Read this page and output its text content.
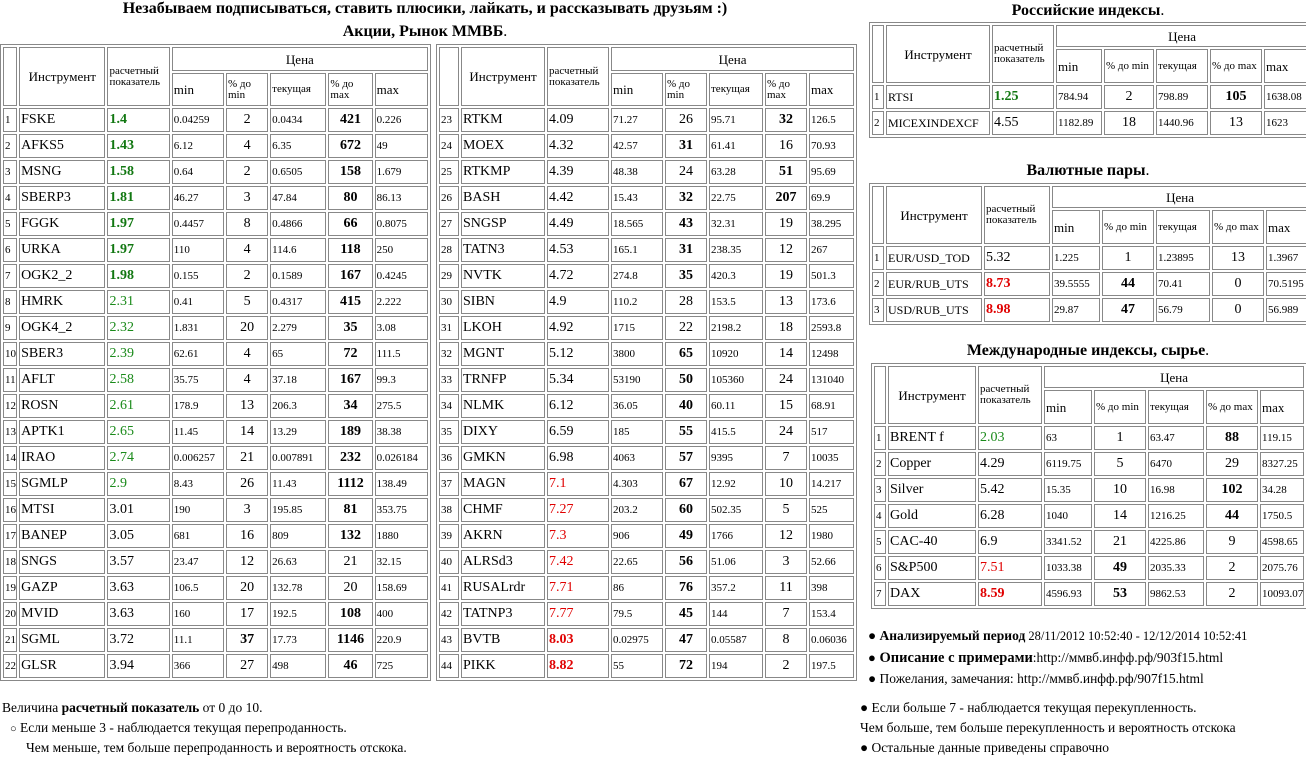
Незабываем подписываться, ставить плюсики, лайкать, и рассказывать друзьям :)
Акции, Рынок ММВБ.
	Инструмент	расчетный показатель	Цена				
			min	% до min	текущая	% до max	max
1	FSKE	1.4	0.04259	2	0.0434	421	0.226
2	AFKS5	1.43	6.12	4	6.35	672	49
3	MSNG	1.58	0.64	2	0.6505	158	1.679
4	SBERP3	1.81	46.27	3	47.84	80	86.13
5	FGGK	1.97	0.4457	8	0.4866	66	0.8075
6	URKA	1.97	110	4	114.6	118	250
7	OGK2_2	1.98	0.155	2	0.1589	167	0.4245
8	HMRK	2.31	0.41	5	0.4317	415	2.222
9	OGK4_2	2.32	1.831	20	2.279	35	3.08
10	SBER3	2.39	62.61	4	65	72	111.5
11	AFLT	2.58	35.75	4	37.18	167	99.3
12	ROSN	2.61	178.9	13	206.3	34	275.5
13	APTK1	2.65	11.45	14	13.29	189	38.38
14	IRAO	2.74	0.006257	21	0.007891	232	0.026184
15	SGMLP	2.9	8.43	26	11.43	1112	138.49
16	MTSI	3.01	190	3	195.85	81	353.75
17	BANEP	3.05	681	16	809	132	1880
18	SNGS	3.57	23.47	12	26.63	21	32.15
19	GAZP	3.63	106.5	20	132.78	20	158.69
20	MVID	3.63	160	17	192.5	108	400
21	SGML	3.72	11.1	37	17.73	1146	220.9
22	GLSR	3.94	366	27	498	46	725
	Инструмент	расчетный показатель	Цена				
			min	% до min	текущая	% до max	max
23	RTKM	4.09	71.27	26	95.71	32	126.5
24	MOEX	4.32	42.57	31	61.41	16	70.93
25	RTKMP	4.39	48.38	24	63.28	51	95.69
26	BASH	4.42	15.43	32	22.75	207	69.9
27	SNGSP	4.49	18.565	43	32.31	19	38.295
28	TATN3	4.53	165.1	31	238.35	12	267
29	NVTK	4.72	274.8	35	420.3	19	501.3
30	SIBN	4.9	110.2	28	153.5	13	173.6
31	LKOH	4.92	1715	22	2198.2	18	2593.8
32	MGNT	5.12	3800	65	10920	14	12498
33	TRNFP	5.34	53190	50	105360	24	131040
34	NLMK	6.12	36.05	40	60.11	15	68.91
35	DIXY	6.59	185	55	415.5	24	517
36	GMKN	6.98	4063	57	9395	7	10035
37	MAGN	7.1	4.303	67	12.92	10	14.217
38	CHMF	7.27	203.2	60	502.35	5	525
39	AKRN	7.3	906	49	1766	12	1980
40	ALRSd3	7.42	22.65	56	51.06	3	52.66
41	RUSALrdr	7.71	86	76	357.2	11	398
42	TATNP3	7.77	79.5	45	144	7	153.4
43	BVTB	8.03	0.02975	47	0.05587	8	0.06036
44	PIKK	8.82	55	72	194	2	197.5
Российские индексы.
	Инструмент	расчетный показатель	Цена				
			min	% до min	текущая	% до max	max
1	RTSI	1.25	784.94	2	798.89	105	1638.08
2	MICEXINDEXCF	4.55	1182.89	18	1440.96	13	1623
Валютные пары.
	Инструмент	расчетный показатель	Цена				
			min	% до min	текущая	% до max	max
1	EUR/USD_TOD	5.32	1.225	1	1.23895	13	1.3967
2	EUR/RUB_UTS	8.73	39.5555	44	70.41	0	70.5195
3	USD/RUB_UTS	8.98	29.87	47	56.79	0	56.989
Международные индексы, сырье.
	Инструмент	расчетный показатель	Цена				
			min	% до min	текущая	% до max	max
1	BRENT f	2.03	63	1	63.47	88	119.15
2	Copper	4.29	6119.75	5	6470	29	8327.25
3	Silver	5.42	15.35	10	16.98	102	34.28
4	Gold	6.28	1040	14	1216.25	44	1750.5
5	CAC-40	6.9	3341.52	21	4225.86	9	4598.65
6	S&P500	7.51	1033.38	49	2035.33	2	2075.76
7	DAX	8.59	4596.93	53	9862.53	2	10093.07
● Анализируемый период 28/11/2012 10:52:40 - 12/12/2014 10:52:41
● Описание с примерами:http://ммвб.инфф.рф/903f15.html
● Пожелания, замечания: http://ммвб.инфф.рф/907f15.html
Величина расчетный показатель от 0 до 10.
○ Если меньше 3 - наблюдается текущая перепроданность.
Чем меньше, тем больше перепроданность и вероятность отскока.
● Если больше 7 - наблюдается текущая перекупленность.
Чем больше, тем больше перекупленность и вероятность отскока
● Остальные данные приведены справочно
